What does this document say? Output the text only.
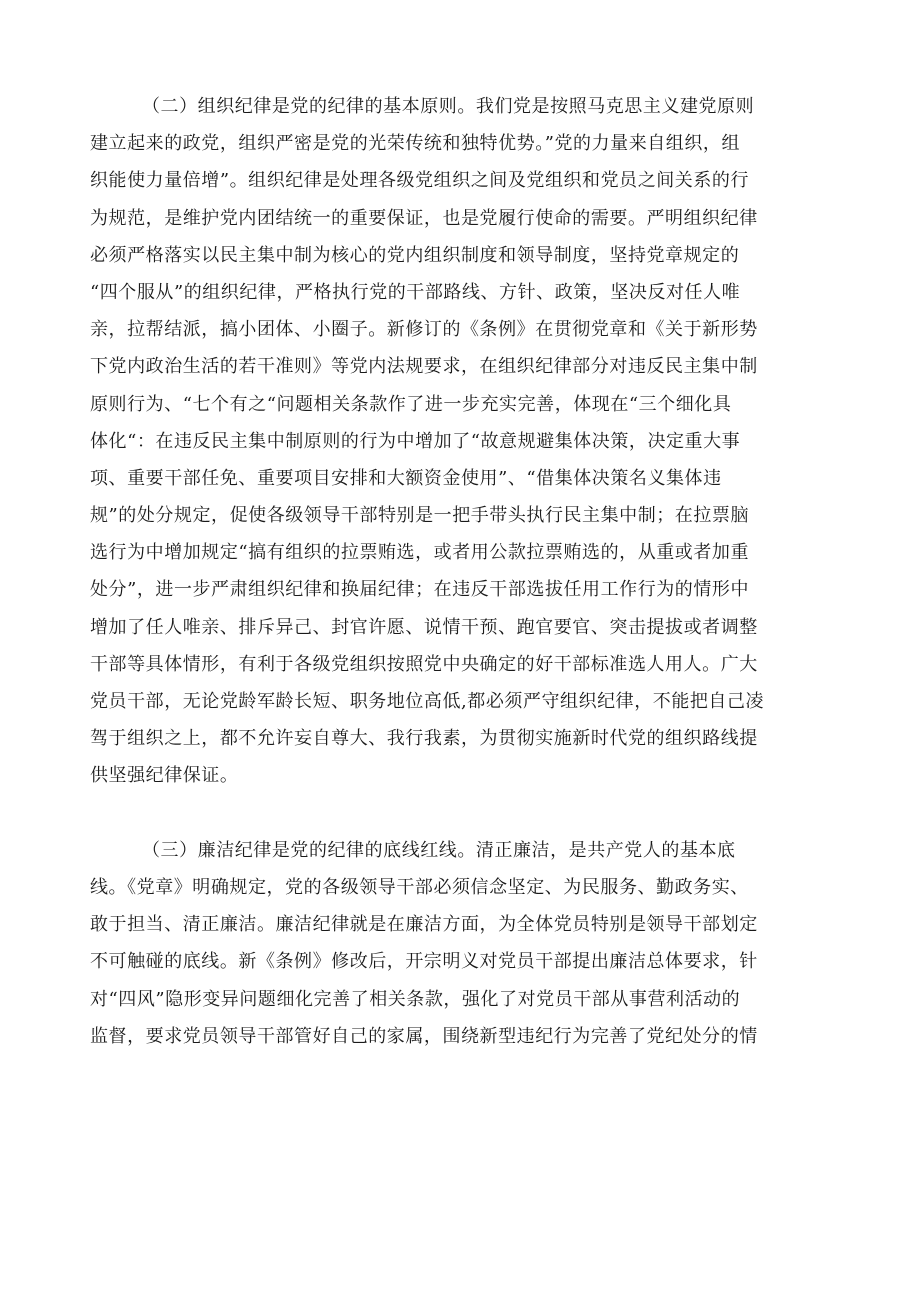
（二）组织纪律是党的纪律的基本原则。我们党是按照马克思主义建党原则
建立起来的政党，组织严密是党的光荣传统和独特优势。”党的力量来自组织，组
织能使力量倍增”。组织纪律是处理各级党组织之间及党组织和党员之间关系的行
为规范，是维护党内团结统一的重要保证，也是党履行使命的需要。严明组织纪律
必须严格落实以民主集中制为核心的党内组织制度和领导制度，坚持党章规定的
“四个服从”的组织纪律，严格执行党的干部路线、方针、政策，坚决反对任人唯
亲，拉帮结派，搞小团体、小圈子。新修订的《条例》在贯彻党章和《关于新形势
下党内政治生活的若干准则》等党内法规要求，在组织纪律部分对违反民主集中制
原则行为、“七个有之“问题相关条款作了进一步充实完善，体现在“三个细化具
体化“：在违反民主集中制原则的行为中增加了“故意规避集体决策，决定重大事
项、重要干部任免、重要项目安排和大额资金使用”、“借集体决策名义集体违
规”的处分规定，促使各级领导干部特别是一把手带头执行民主集中制；在拉票脑
选行为中增加规定“搞有组织的拉票贿选，或者用公款拉票贿选的，从重或者加重
处分”，进一步严肃组织纪律和换届纪律；在违反干部选拔任用工作行为的情形中
增加了任人唯亲、排斥异己、封官许愿、说情干预、跑官要官、突击提拔或者调整
干部等具体情形，有利于各级党组织按照党中央确定的好干部标准选人用人。广大
党员干部，无论党龄军龄长短、职务地位高低,都必须严守组织纪律，不能把自己凌
驾于组织之上，都不允许妄自尊大、我行我素，为贯彻实施新时代党的组织路线提
供坚强纪律保证。
（三）廉洁纪律是党的纪律的底线红线。清正廉洁，是共产党人的基本底
线。《党章》明确规定，党的各级领导干部必须信念坚定、为民服务、勤政务实、
敢于担当、清正廉洁。廉洁纪律就是在廉洁方面，为全体党员特别是领导干部划定
不可触碰的底线。新《条例》修改后，开宗明义对党员干部提出廉洁总体要求，针
对“四风”隐形变异问题细化完善了相关条款，强化了对党员干部从事营利活动的
监督，要求党员领导干部管好自己的家属，围绕新型违纪行为完善了党纪处分的情
